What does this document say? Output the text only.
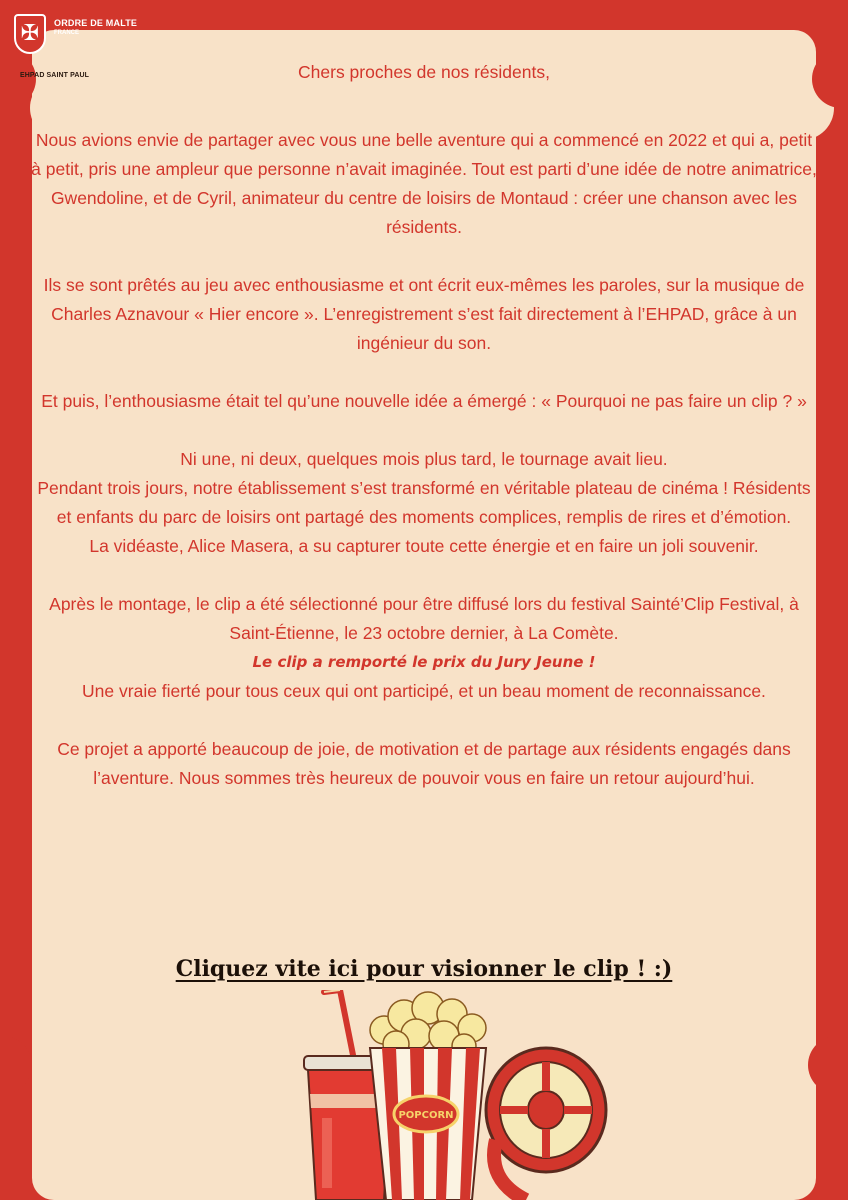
✠	ORDRE DE MALTE
FRANCE
EHPAD SAINT PAUL	Chers proches de nos résidents,

Nous avions envie de partager avec vous une belle aventure qui a commencé en 2022 et qui a, petit à petit, pris une ampleur que personne n’avait imaginée. Tout est parti d’une idée de notre animatrice, Gwendoline, et de Cyril, animateur du centre de loisirs de Montaud : créer une chanson avec les résidents.

Ils se sont prêtés au jeu avec enthousiasme et ont écrit eux-mêmes les paroles, sur la musique de Charles Aznavour « Hier encore ». L’enregistrement s’est fait directement à l’EHPAD, grâce à un ingénieur du son.

Et puis, l’enthousiasme était tel qu’une nouvelle idée a émergé : « Pourquoi ne pas faire un clip ? »

Ni une, ni deux, quelques mois plus tard, le tournage avait lieu.

Pendant trois jours, notre établissement s’est transformé en véritable plateau de cinéma ! Résidents et enfants du parc de loisirs ont partagé des moments complices, remplis de rires et d’émotion.

La vidéaste, Alice Masera, a su capturer toute cette énergie et en faire un joli souvenir.

Après le montage, le clip a été sélectionné pour être diffusé lors du festival Sainté’Clip Festival, à Saint-Étienne, le 23 octobre dernier, à La Comète.

Le clip a remporté le prix du Jury Jeune !

Une vraie fierté pour tous ceux qui ont participé, et un beau moment de reconnaissance.

Ce projet a apporté beaucoup de joie, de motivation et de partage aux résidents engagés dans l’aventure. Nous sommes très heureux de pouvoir vous en faire un retour aujourd’hui.

Cliquez vite ici pour visionner le clip ! :)
POPCORN
